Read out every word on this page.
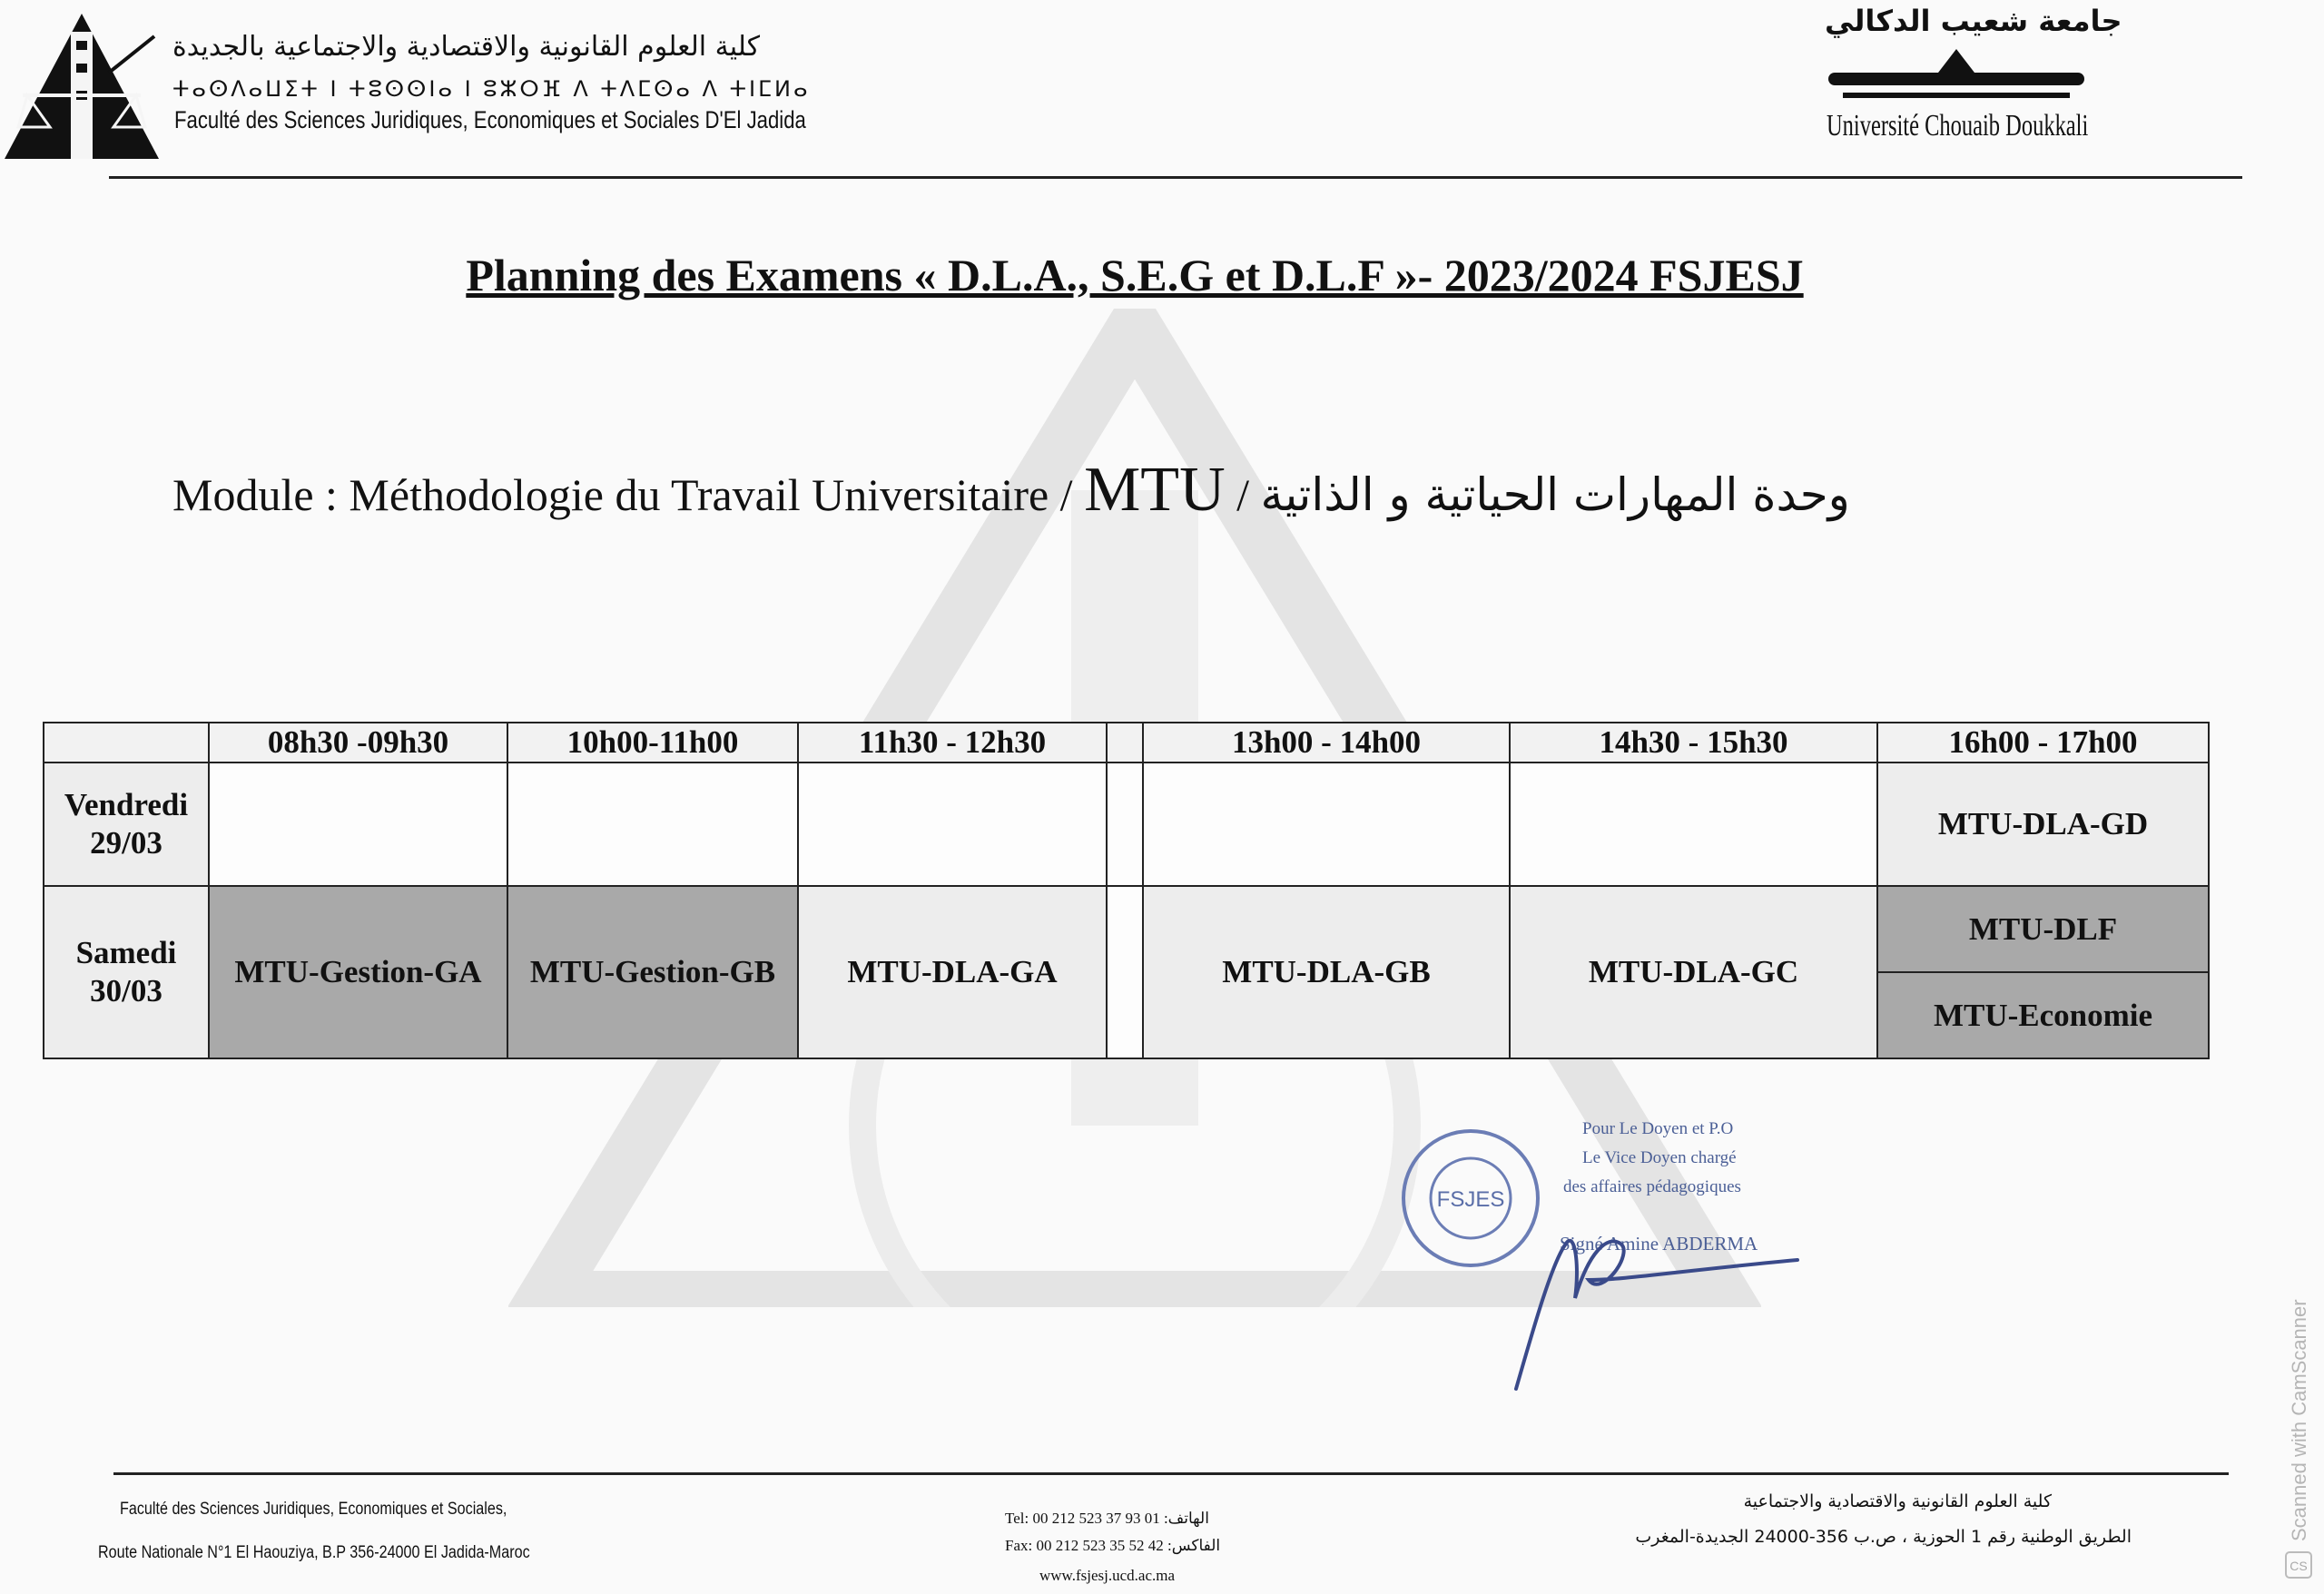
كلية العلوم القانونية والاقتصادية والاجتماعية بالجديدة
ⵜⴰⵙⴷⴰⵡⵉⵜ ⵏ ⵜⵓⵙⵙⵏⴰ ⵏ ⵓⵣⵔⴼ ⴷ ⵜⴷⵎⵙⴰ ⴷ ⵜⵏⵎⵍⴰ
Faculté des Sciences Juridiques, Economiques et Sociales D'El Jadida
جامعة شعيب الدكالي
Université Chouaib Doukkali
Planning des Examens « D.L.A., S.E.G et D.L.F »- 2023/2024 FSJESJ
Module : Méthodologie du Travail Universitaire / MTU / وحدة المهارات الحياتية و الذاتية
	08h30 -09h30	10h00-11h00	11h30 - 12h30		13h00 - 14h00	14h30 - 15h30	16h00 - 17h00
Vendredi
29/03							MTU-DLA-GD
Samedi
30/03	MTU-Gestion-GA	MTU-Gestion-GB	MTU-DLA-GA		MTU-DLA-GB	MTU-DLA-GC	MTU-DLF
							MTU-Economie
FSJES
Pour Le Doyen et P.O
Le Vice Doyen chargé
des affaires pédagogiques
Signé Amine ABDERMA
Faculté des Sciences Juridiques, Economiques et Sociales,
Route Nationale N°1 El Haouziya, B.P 356-24000 El Jadida-Maroc
Tel: 00 212 523 37 93 01 :الهاتف
Fax: 00 212 523 35 52 42 :الفاكس
www.fsjesj.ucd.ac.ma
كلية العلوم القانونية والاقتصادية والاجتماعية
الطريق الوطنية رقم 1 الحوزية ، ص.ب 356-24000 الجديدة-المغرب
CS
Scanned with CamScanner
